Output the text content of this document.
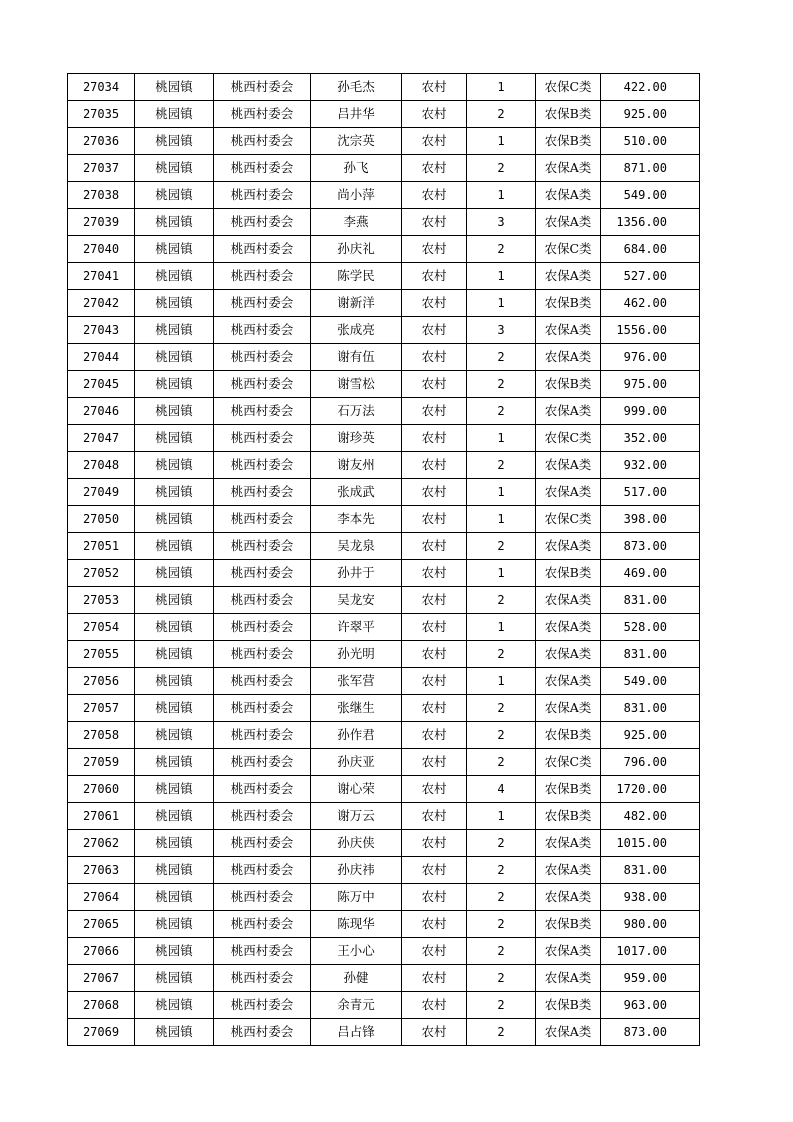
27034	桃园镇	桃西村委会	孙毛杰	农村	1	农保C类	422.00
27035	桃园镇	桃西村委会	吕井华	农村	2	农保B类	925.00
27036	桃园镇	桃西村委会	沈宗英	农村	1	农保B类	510.00
27037	桃园镇	桃西村委会	孙飞	农村	2	农保A类	871.00
27038	桃园镇	桃西村委会	尚小萍	农村	1	农保A类	549.00
27039	桃园镇	桃西村委会	李燕	农村	3	农保A类	1356.00
27040	桃园镇	桃西村委会	孙庆礼	农村	2	农保C类	684.00
27041	桃园镇	桃西村委会	陈学民	农村	1	农保A类	527.00
27042	桃园镇	桃西村委会	谢新洋	农村	1	农保B类	462.00
27043	桃园镇	桃西村委会	张成亮	农村	3	农保A类	1556.00
27044	桃园镇	桃西村委会	谢有伍	农村	2	农保A类	976.00
27045	桃园镇	桃西村委会	谢雪松	农村	2	农保B类	975.00
27046	桃园镇	桃西村委会	石万法	农村	2	农保A类	999.00
27047	桃园镇	桃西村委会	谢珍英	农村	1	农保C类	352.00
27048	桃园镇	桃西村委会	谢友州	农村	2	农保A类	932.00
27049	桃园镇	桃西村委会	张成武	农村	1	农保A类	517.00
27050	桃园镇	桃西村委会	李本先	农村	1	农保C类	398.00
27051	桃园镇	桃西村委会	吴龙泉	农村	2	农保A类	873.00
27052	桃园镇	桃西村委会	孙井于	农村	1	农保B类	469.00
27053	桃园镇	桃西村委会	吴龙安	农村	2	农保A类	831.00
27054	桃园镇	桃西村委会	许翠平	农村	1	农保A类	528.00
27055	桃园镇	桃西村委会	孙光明	农村	2	农保A类	831.00
27056	桃园镇	桃西村委会	张军营	农村	1	农保A类	549.00
27057	桃园镇	桃西村委会	张继生	农村	2	农保A类	831.00
27058	桃园镇	桃西村委会	孙作君	农村	2	农保B类	925.00
27059	桃园镇	桃西村委会	孙庆亚	农村	2	农保C类	796.00
27060	桃园镇	桃西村委会	谢心荣	农村	4	农保B类	1720.00
27061	桃园镇	桃西村委会	谢万云	农村	1	农保B类	482.00
27062	桃园镇	桃西村委会	孙庆侠	农村	2	农保A类	1015.00
27063	桃园镇	桃西村委会	孙庆祎	农村	2	农保A类	831.00
27064	桃园镇	桃西村委会	陈万中	农村	2	农保A类	938.00
27065	桃园镇	桃西村委会	陈现华	农村	2	农保B类	980.00
27066	桃园镇	桃西村委会	王小心	农村	2	农保A类	1017.00
27067	桃园镇	桃西村委会	孙健	农村	2	农保A类	959.00
27068	桃园镇	桃西村委会	余青元	农村	2	农保B类	963.00
27069	桃园镇	桃西村委会	吕占锋	农村	2	农保A类	873.00
